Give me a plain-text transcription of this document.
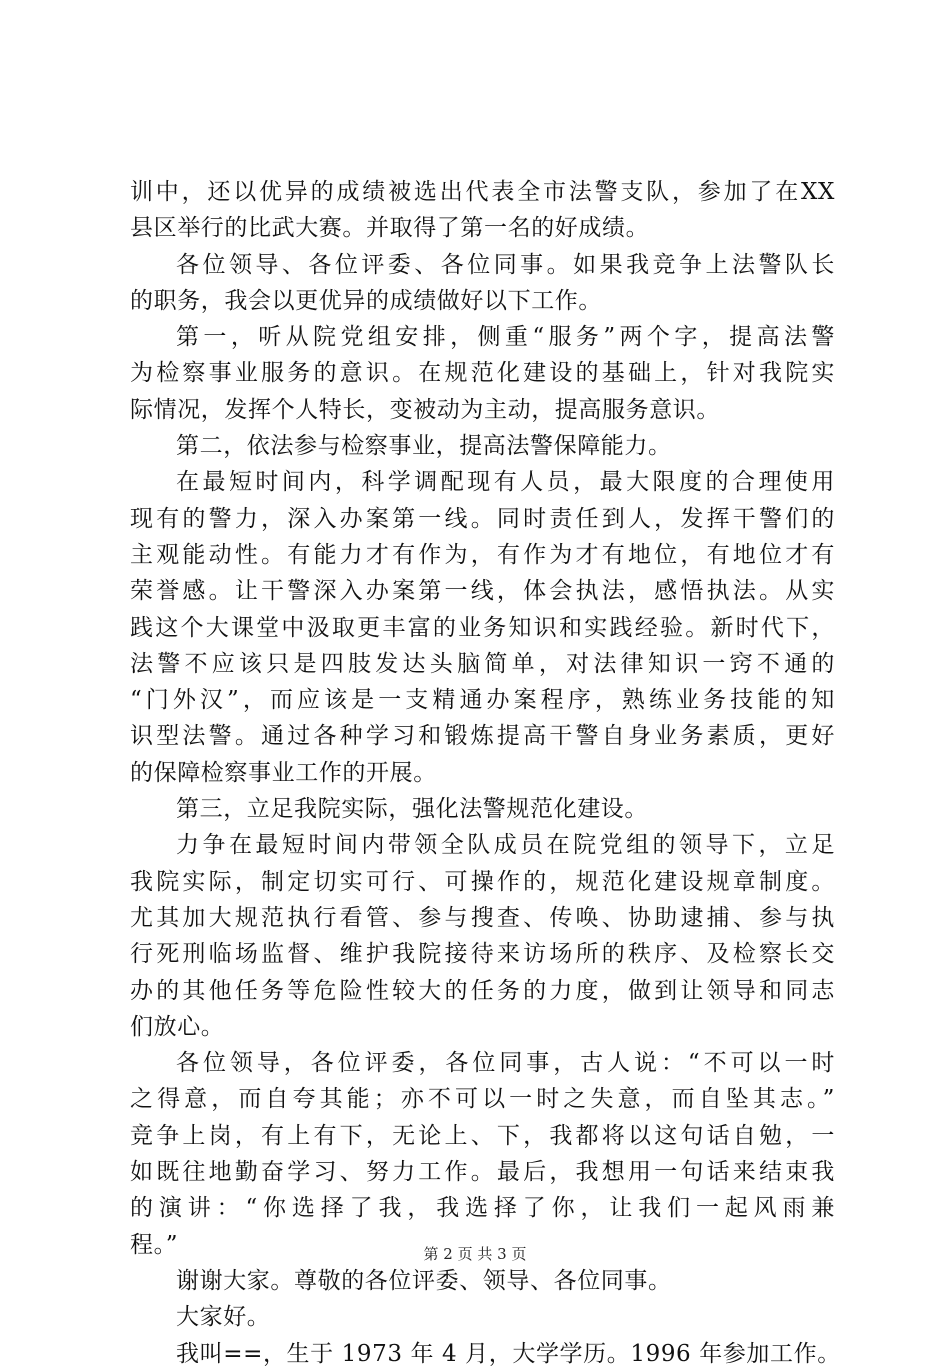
训中，还以优异的成绩被选出代表全市法警支队，参加了在XX
县区举行的比武大赛。并取得了第一名的好成绩。
各位领导、各位评委、各位同事。如果我竞争上法警队长
的职务，我会以更优异的成绩做好以下工作。
第一，听从院党组安排，侧重“服务”两个字，提高法警
为检察事业服务的意识。在规范化建设的基础上，针对我院实
际情况，发挥个人特长，变被动为主动，提高服务意识。
第二，依法参与检察事业，提高法警保障能力。
在最短时间内，科学调配现有人员，最大限度的合理使用
现有的警力，深入办案第一线。同时责任到人，发挥干警们的
主观能动性。有能力才有作为，有作为才有地位，有地位才有
荣誉感。让干警深入办案第一线，体会执法，感悟执法。从实
践这个大课堂中汲取更丰富的业务知识和实践经验。新时代下，
法警不应该只是四肢发达头脑简单，对法律知识一窍不通的
“门外汉”，而应该是一支精通办案程序，熟练业务技能的知
识型法警。通过各种学习和锻炼提高干警自身业务素质，更好
的保障检察事业工作的开展。
第三，立足我院实际，强化法警规范化建设。
力争在最短时间内带领全队成员在院党组的领导下，立足
我院实际，制定切实可行、可操作的，规范化建设规章制度。
尤其加大规范执行看管、参与搜查、传唤、协助逮捕、参与执
行死刑临场监督、维护我院接待来访场所的秩序、及检察长交
办的其他任务等危险性较大的任务的力度，做到让领导和同志
们放心。
各位领导，各位评委，各位同事，古人说：“不可以一时
之得意，而自夸其能；亦不可以一时之失意，而自坠其志。”
竞争上岗，有上有下，无论上、下，我都将以这句话自勉，一
如既往地勤奋学习、努力工作。最后，我想用一句话来结束我
的演讲：“你选择了我，我选择了你，让我们一起风雨兼
程。”
谢谢大家。尊敬的各位评委、领导、各位同事。
大家好。
我叫==，生于 1973 年 4 月，大学学历。1996 年参加工作。
第 2 页 共 3 页
